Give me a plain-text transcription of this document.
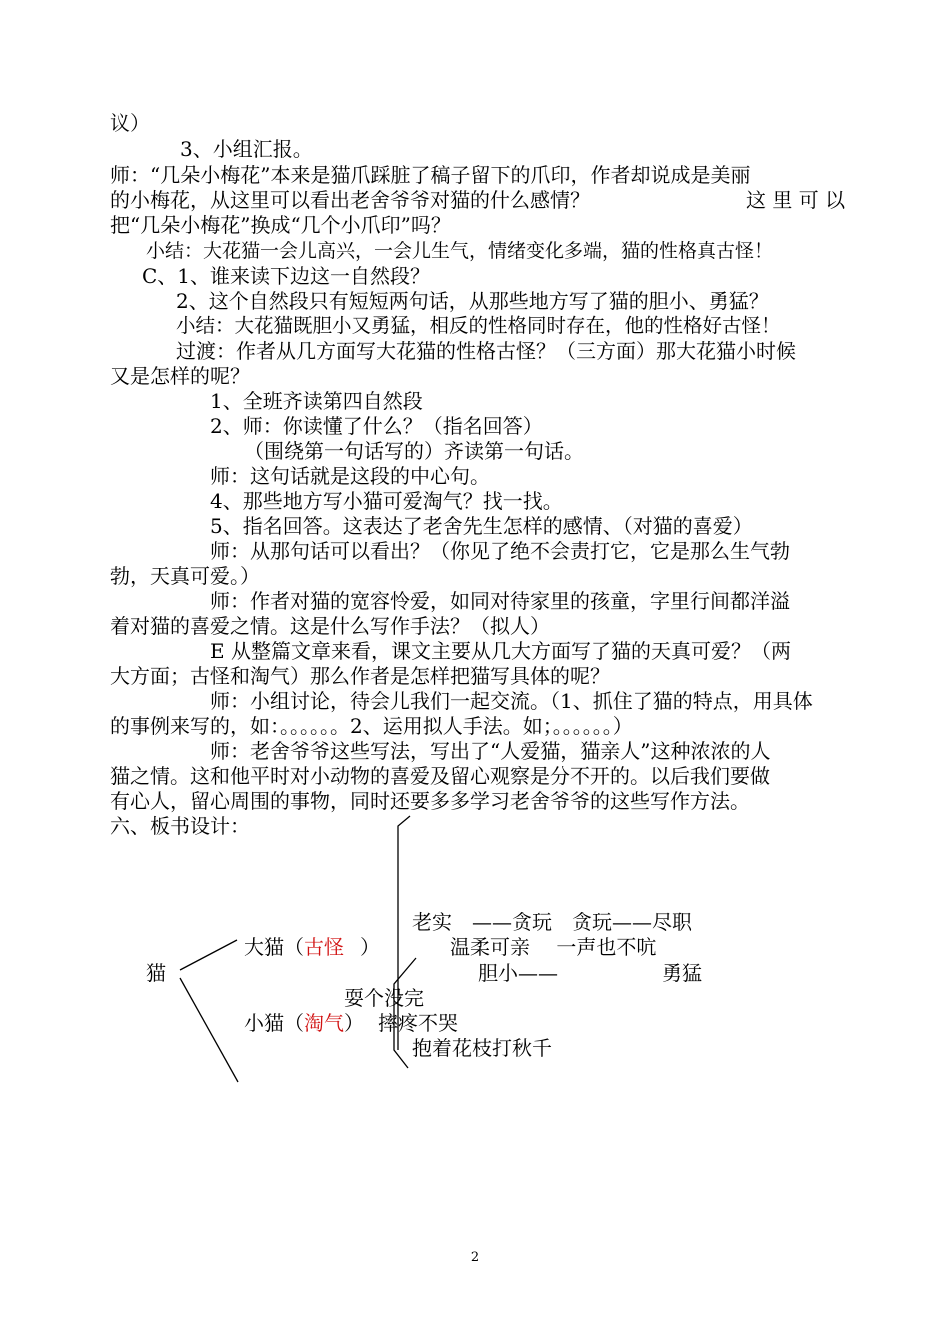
议）
3、小组汇报。
师：“几朵小梅花”本来是猫爪踩脏了稿子留下的爪印，作者却说成是美丽
的小梅花，从这里可以看出老舍爷爷对猫的什么感情？	这 里 可 以
把“几朵小梅花”换成“几个小爪印”吗？
小结：大花猫一会儿高兴，一会儿生气，情绪变化多端，猫的性格真古怪！
C、1、谁来读下边这一自然段？
2、这个自然段只有短短两句话，从那些地方写了猫的胆小、勇猛？
小结：大花猫既胆小又勇猛，相反的性格同时存在，他的性格好古怪！
过渡：作者从几方面写大花猫的性格古怪？（三方面）那大花猫小时候
又是怎样的呢？
1、全班齐读第四自然段
2、师：你读懂了什么？（指名回答）
（围绕第一句话写的）齐读第一句话。
师：这句话就是这段的中心句。
4、那些地方写小猫可爱淘气？找一找。
5、指名回答。这表达了老舍先生怎样的感情、（对猫的喜爱）
师：从那句话可以看出？（你见了绝不会责打它，它是那么生气勃
勃，天真可爱。）
师：作者对猫的宽容怜爱，如同对待家里的孩童，字里行间都洋溢
着对猫的喜爱之情。这是什么写作手法？（拟人）
E 从整篇文章来看，课文主要从几大方面写了猫的天真可爱？（两
大方面；古怪和淘气）那么作者是怎样把猫写具体的呢？
师：小组讨论，待会儿我们一起交流。（1、抓住了猫的特点，用具体
的事例来写的，如：。。。。。。2、运用拟人手法。如；。。。。。。）
师：老舍爷爷这些写法，写出了“人爱猫，猫亲人”这种浓浓的人
猫之情。这和他平时对小动物的喜爱及留心观察是分不开的。以后我们要做
有心人，留心周围的事物，同时还要多多学习老舍爷爷的这些写作方法。
六、板书设计：
猫
大猫（古怪 ）
老实　——贪玩　贪玩——尽职
温柔可亲　 一声也不吭
胆小——	勇猛
耍个没完
小猫（淘气） 摔疼不哭
抱着花枝打秋千
2
